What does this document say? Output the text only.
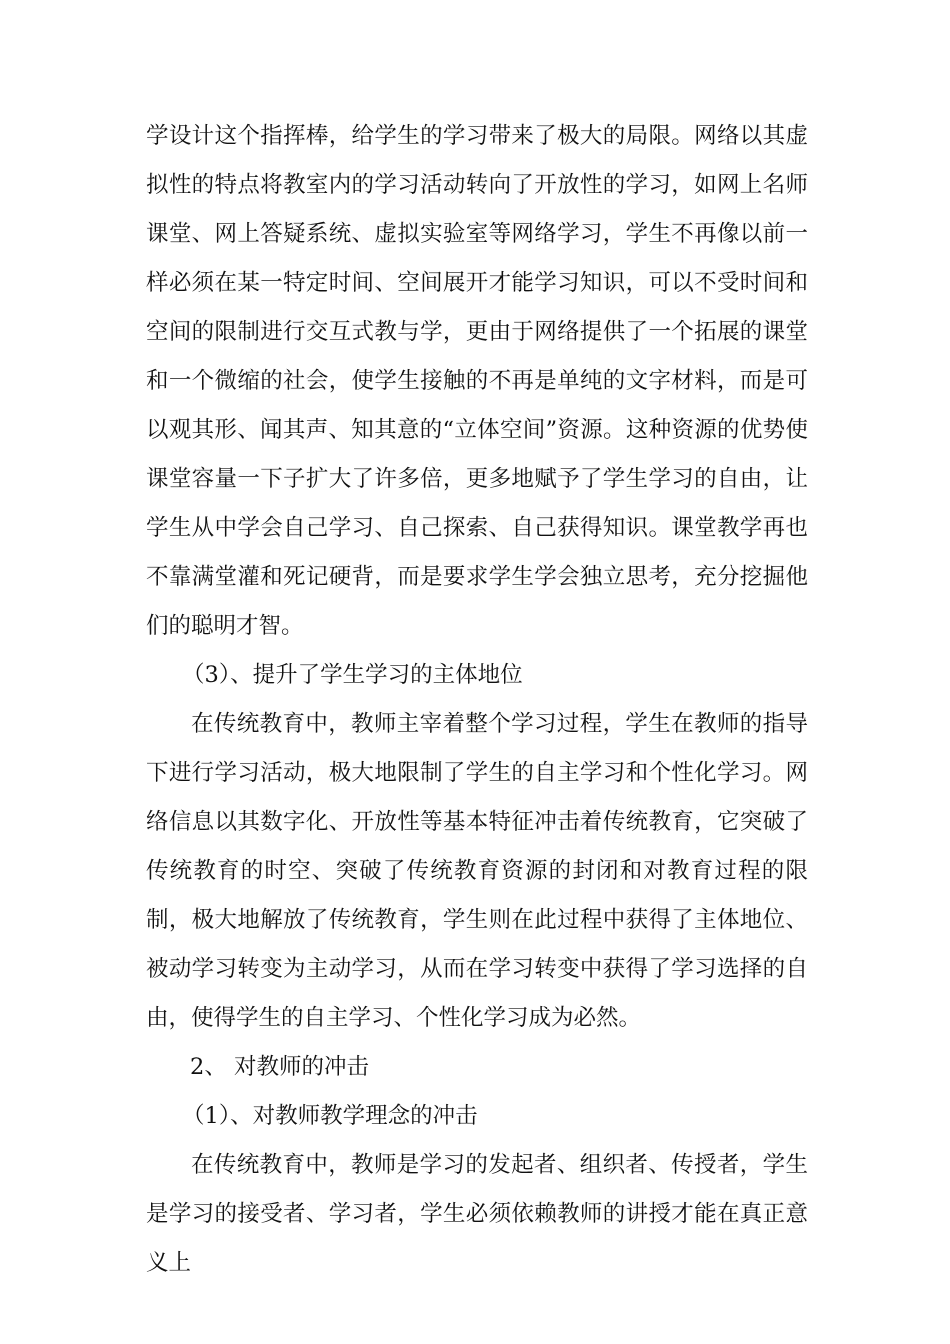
学设计这个指挥棒，给学生的学习带来了极大的局限。网络以其虚拟性的特点将教室内的学习活动转向了开放性的学习，如网上名师课堂、网上答疑系统、虚拟实验室等网络学习，学生不再像以前一样必须在某一特定时间、空间展开才能学习知识，可以不受时间和空间的限制进行交互式教与学，更由于网络提供了一个拓展的课堂和一个微缩的社会，使学生接触的不再是单纯的文字材料，而是可以观其形、闻其声、知其意的“立体空间”资源。这种资源的优势使课堂容量一下子扩大了许多倍，更多地赋予了学生学习的自由，让学生从中学会自己学习、自己探索、自己获得知识。课堂教学再也不靠满堂灌和死记硬背，而是要求学生学会独立思考，充分挖掘他们的聪明才智。

（3）、提升了学生学习的主体地位

在传统教育中，教师主宰着整个学习过程，学生在教师的指导下进行学习活动，极大地限制了学生的自主学习和个性化学习。网络信息以其数字化、开放性等基本特征冲击着传统教育，它突破了传统教育的时空、突破了传统教育资源的封闭和对教育过程的限制，极大地解放了传统教育，学生则在此过程中获得了主体地位、被动学习转变为主动学习，从而在学习转变中获得了学习选择的自由，使得学生的自主学习、个性化学习成为必然。

2、 对教师的冲击

（1）、对教师教学理念的冲击

在传统教育中，教师是学习的发起者、组织者、传授者，学生是学习的接受者、学习者，学生必须依赖教师的讲授才能在真正意义上
